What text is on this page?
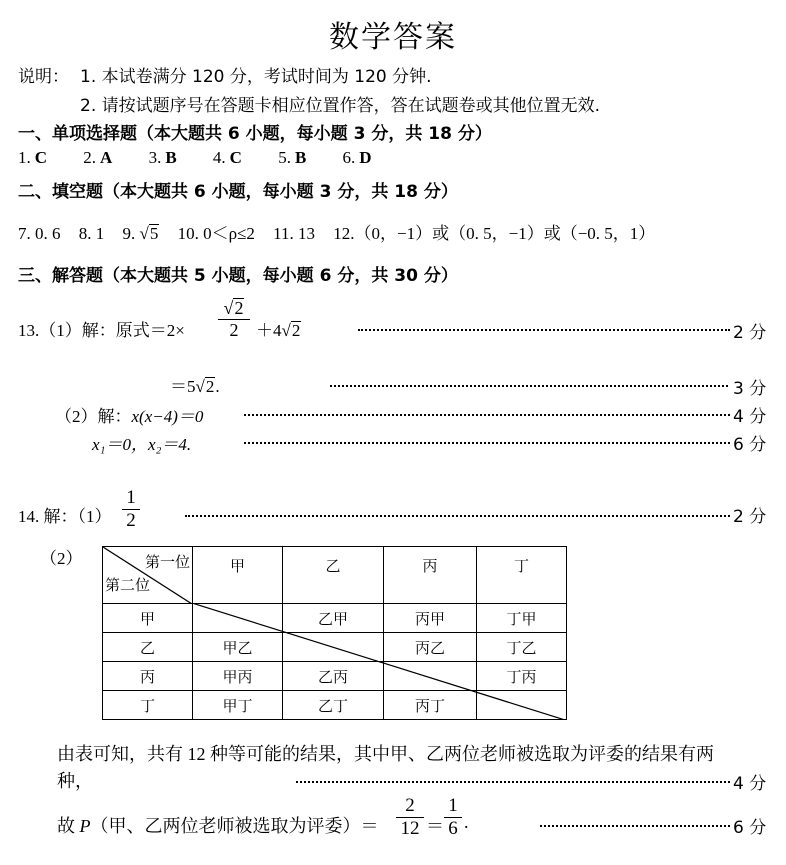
数学答案
说明： 1. 本试卷满分 120 分，考试时间为 120 分钟.
2. 请按试题序号在答题卡相应位置作答，答在试题卷或其他位置无效.
一、单项选择题（本大题共 6 小题，每小题 3 分，共 18 分）
1. C 2. A 3. B 4. C 5. B 6. D
二、填空题（本大题共 6 小题，每小题 3 分，共 18 分）
7. 0. 6 8. 1 9. √5 10. 0＜ρ≤2 11. 13 12.（0，−1）或（0. 5，−1）或（−0. 5，1）
三、解答题（本大题共 5 小题，每小题 6 分，共 30 分）
13.（1）解：原式$=2\times \frac{√2}{2} +4√2$	2 分
＝5√2.	3 分
（2）解：x(x−4)＝0	4 分
x₁＝0，x₂＝4.	6 分
14. 解：$(1) \frac{1}{2}$	2 分
（2）	第一位
第二位	甲	乙	丙	丁
甲		乙甲	丙甲	丁甲
乙	甲乙		丙乙	丁乙
丙	甲丙	乙丙		丁丙
丁	甲丁	乙丁	丙丁	
由表可知，共有 12 种等可能的结果，其中甲、乙两位老师被选取为评委的结果有两
种，	4 分
故 P（甲、乙两位老师被选取为评委）＝ $\frac{2}{12} = \frac{1}{6}$ .	6 分
